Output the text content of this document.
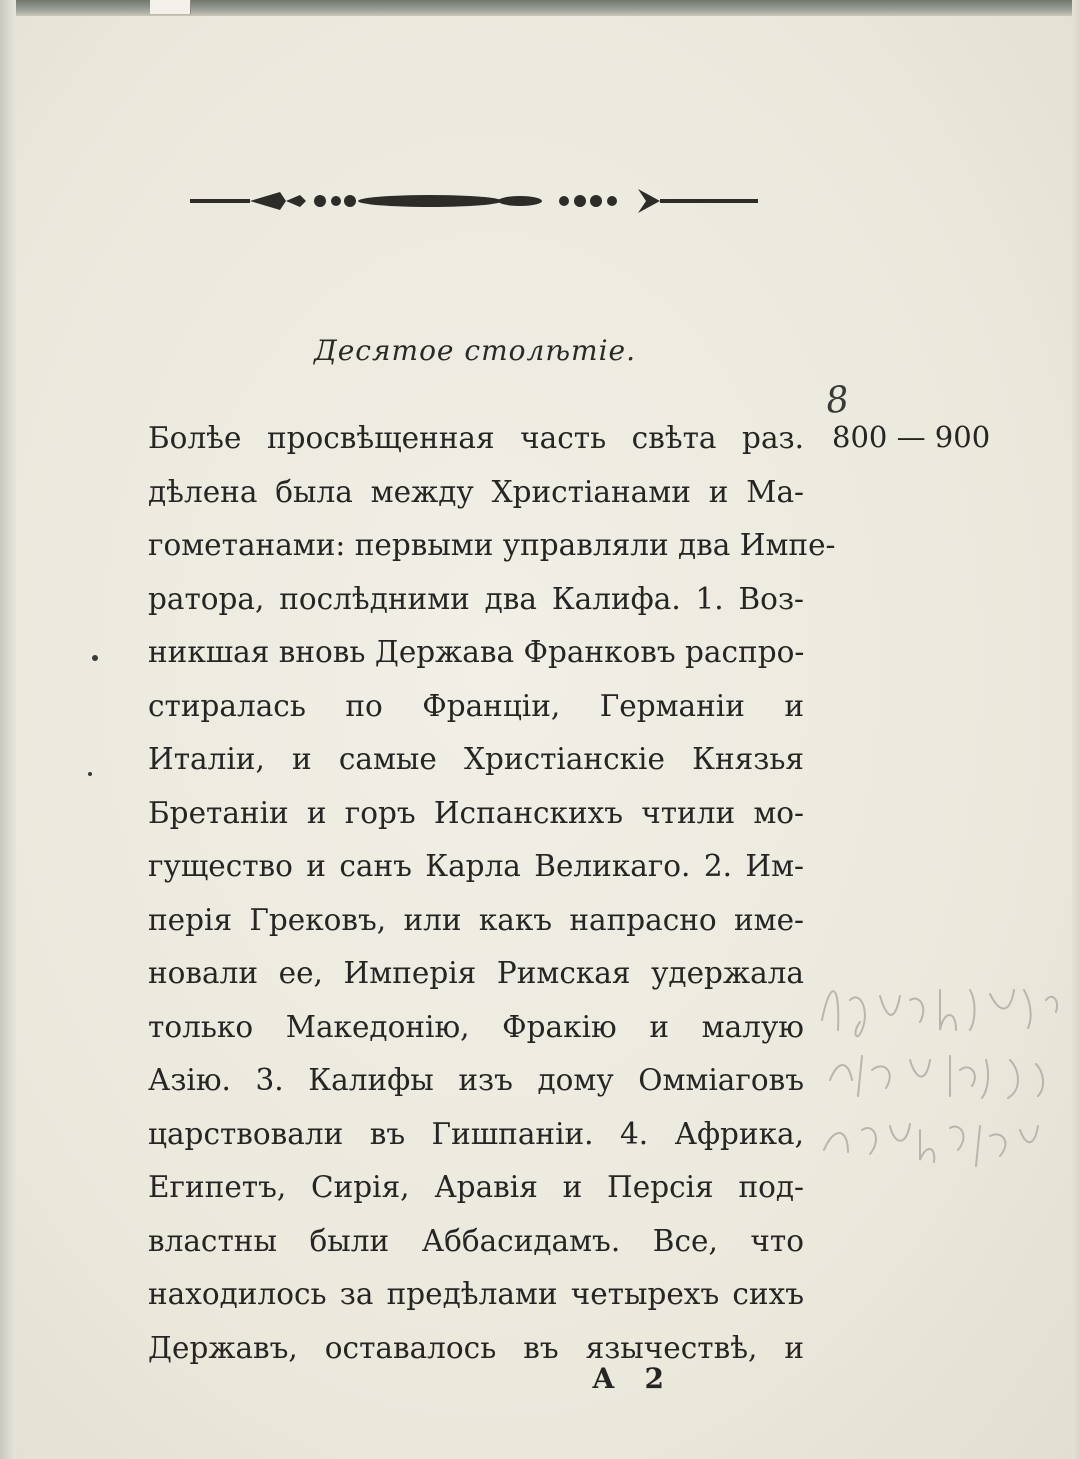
Десятое столѣтіе.
8
800 — 900
Болѣе просвѣщенная часть свѣта раз.
дѣлена была между Христіанами и Ма-
гометанами: первыми управляли два Импе-
ратора, послѣдними два Калифа. 1. Воз-
никшая вновь Держава Франковъ распро-
стиралась по Франціи, Германіи и
Италіи, и самые Христіанскіе Князья
Бретаніи и горъ Испанскихъ чтили мо-
гущество и санъ Карла Великаго. 2. Им-
перія Грековъ, или какъ напрасно име-
новали ее, Имперія Римская удержала
только Македонію, Фракію и малую
Азію. 3. Калифы изъ дому Оммiаговъ
царствовали въ Гишпаніи. 4. Африка,
Египетъ, Сирія, Аравія и Персія под-
властны были Аббасидамъ. Все, что
находилось за предѣлами четырехъ сихъ
Державъ, оставалось въ язычествѣ, и
А 2
